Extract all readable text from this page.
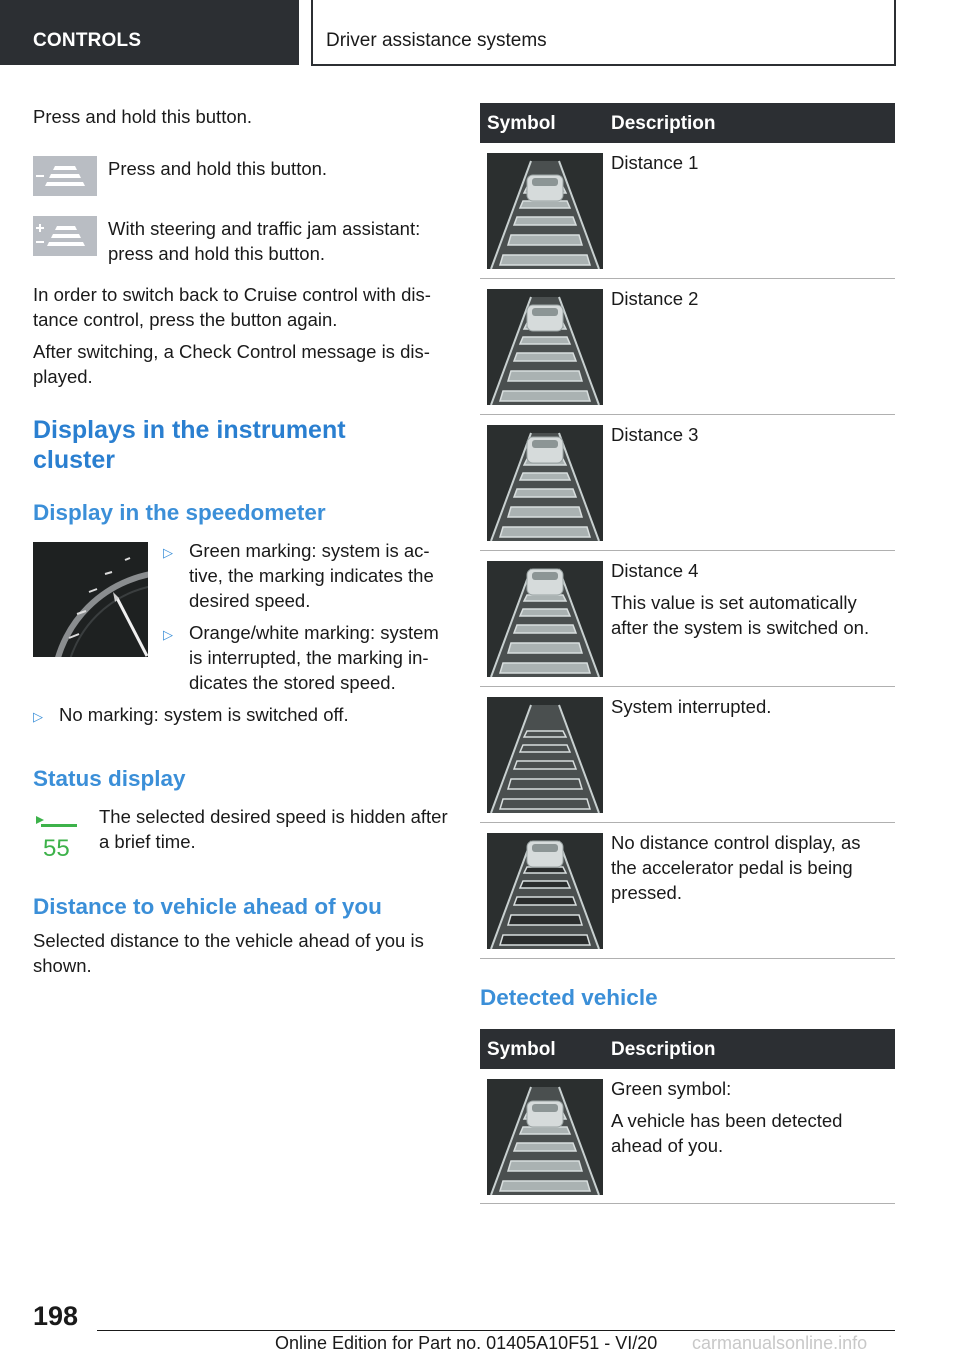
CONTROLS	Driver assistance systems

Press and hold this button.

Press and hold this button.
With steering and traffic jam assistant: press and hold this button.

In order to switch back to Cruise control with distance control, press the button again.

After switching, a Check Control message is displayed.

Displays in the instrument cluster
Display in the speedometer
▷ Green marking: system is active, the marking indicates the desired speed.
▷ Orange/white marking: system is interrupted, the marking indicates the stored speed.
▷ No marking: system is switched off.
Status display
55

The selected desired speed is hidden after a brief time.

Distance to vehicle ahead of you

Selected distance to the vehicle ahead of you is shown.

Symbol	Description
Distance 1
Distance 2
Distance 3
Distance 4
This value is set automatically after the system is switched on.
System interrupted.
No distance control display, as the accelerator pedal is being pressed.
Detected vehicle
Symbol	Description
Green symbol:
A vehicle has been detected ahead of you.
198
Online Edition for Part no. 01405A10F51 - VI/20 carmanualsonline.info
